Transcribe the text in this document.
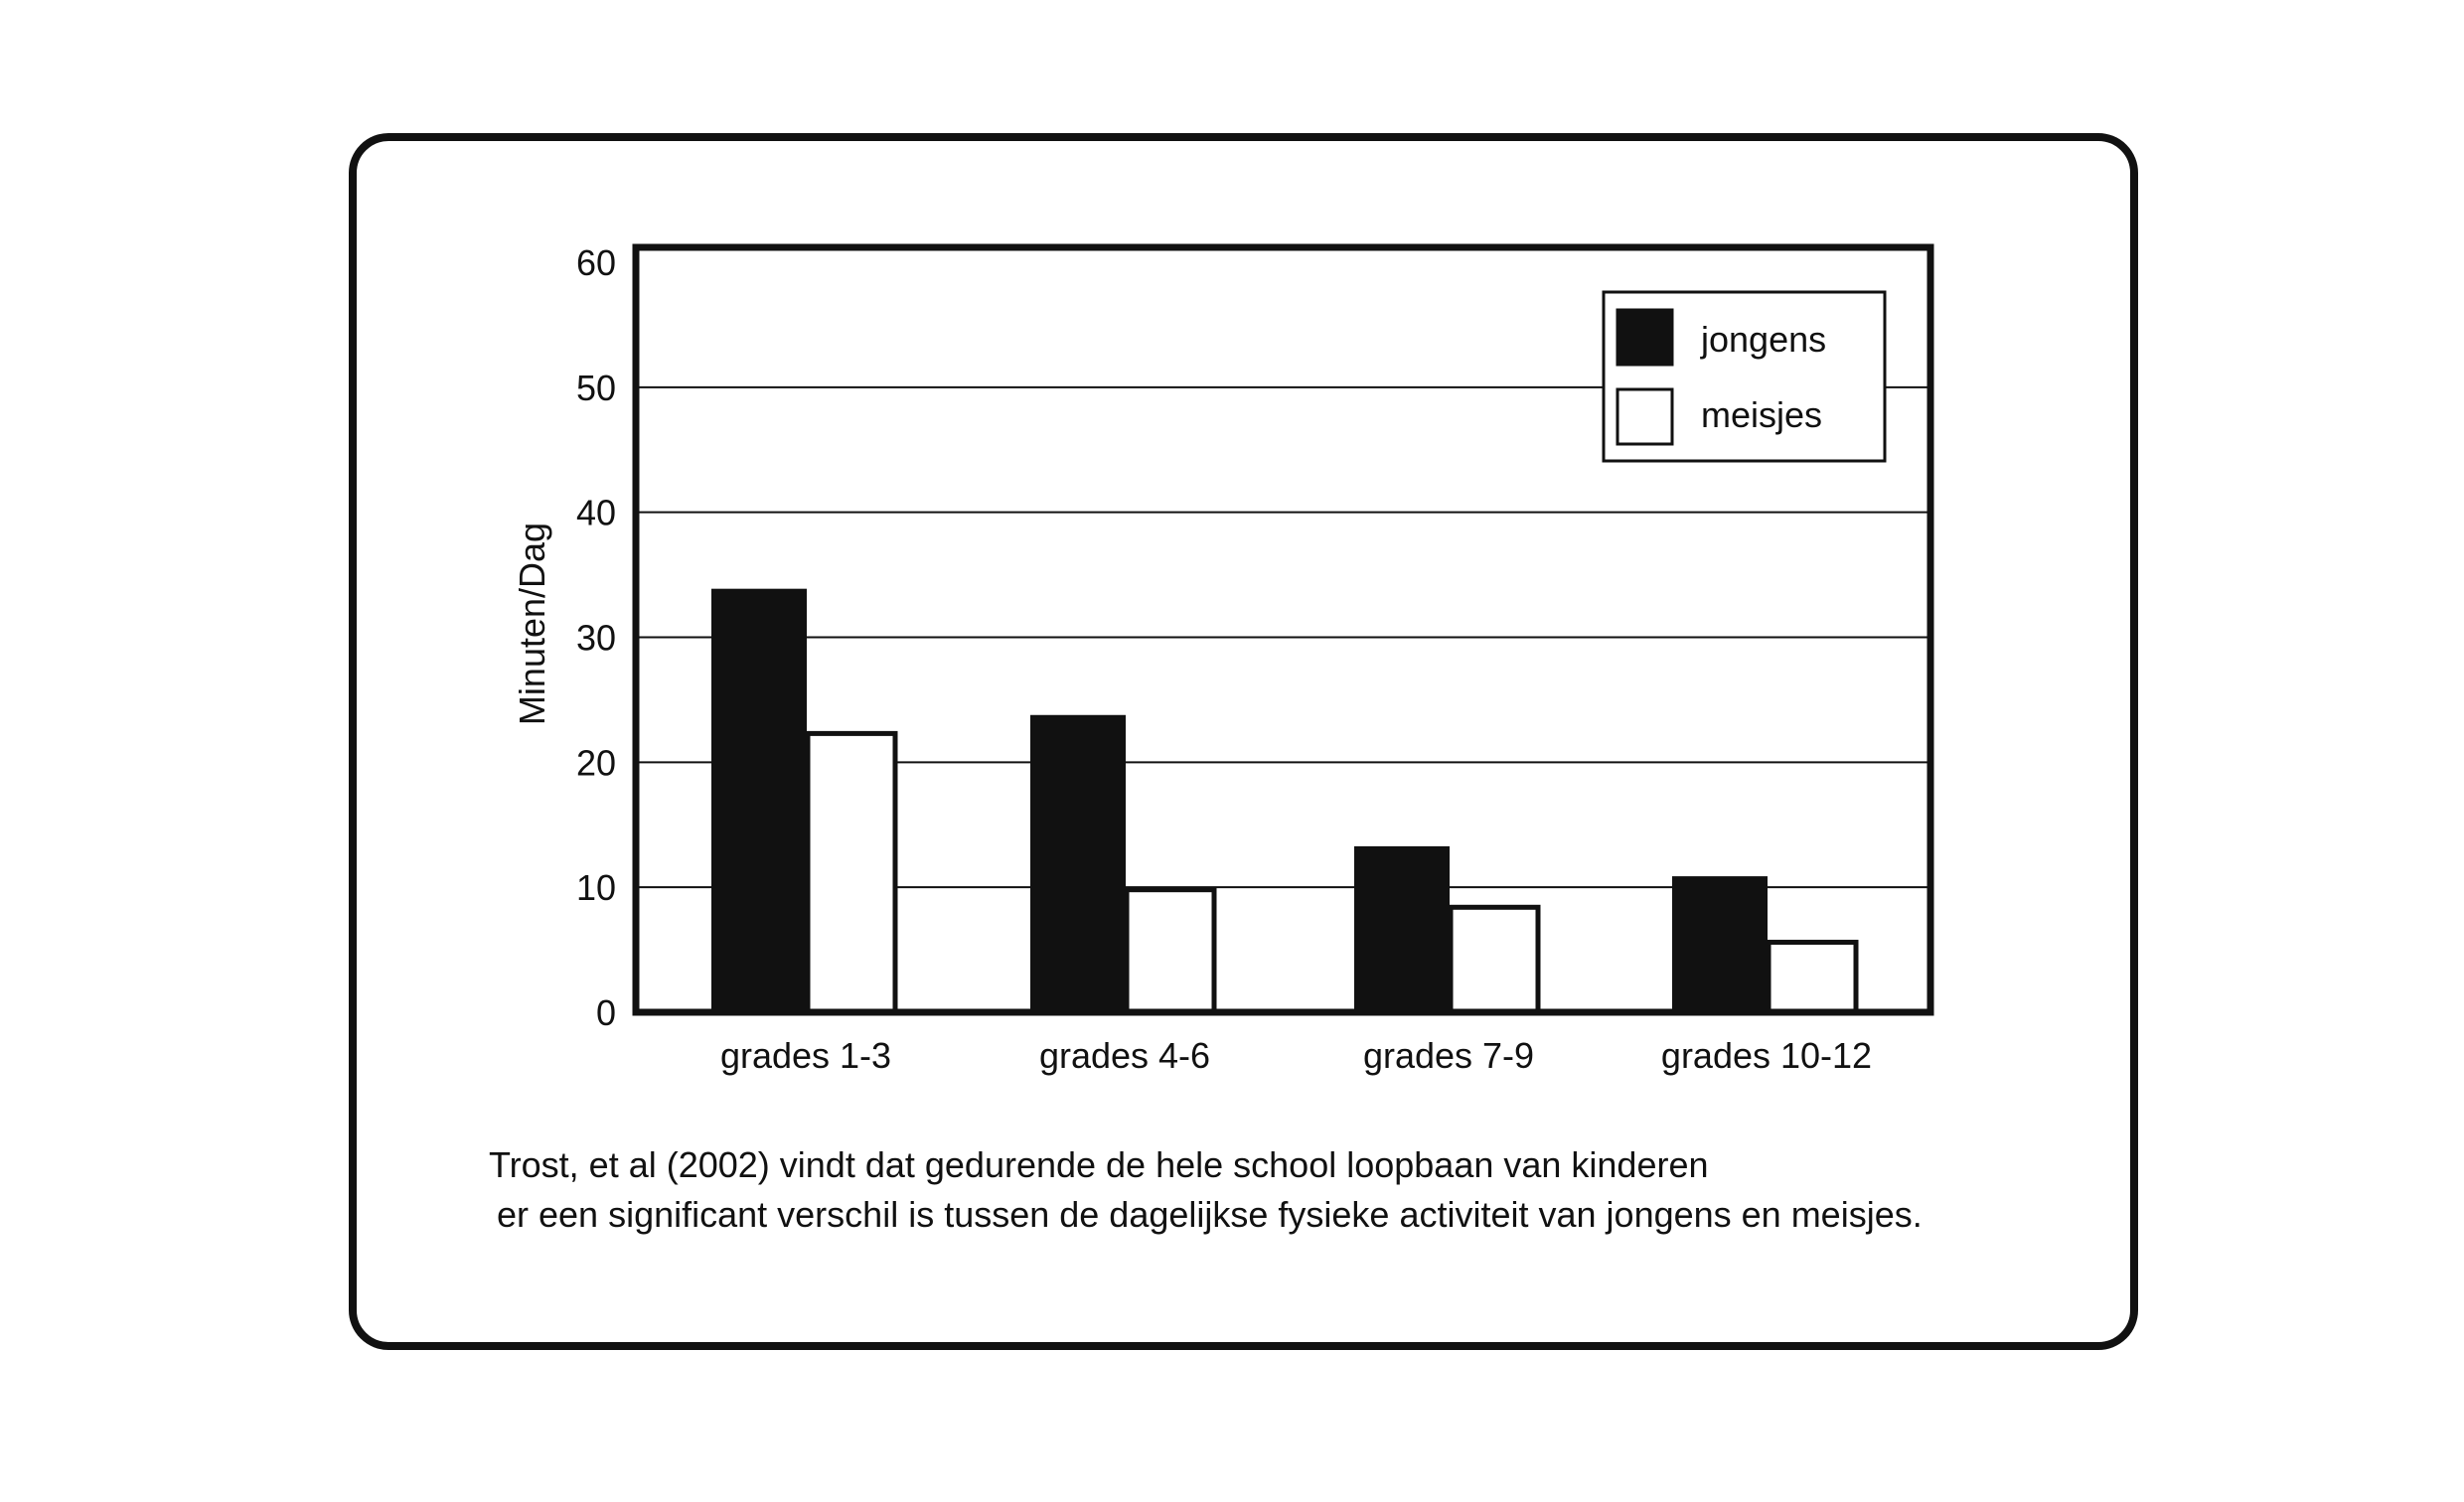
0
10
20
30
40
50
60
grades 1-3	grades 4-6	grades 7-9	grades 10-12
Minuten/Dag
jongens
meisjes
Trost, et al (2002) vindt dat gedurende de hele school loopbaan van kinderen
er een significant verschil is tussen de dagelijkse fysieke activiteit van jongens en meisjes.
